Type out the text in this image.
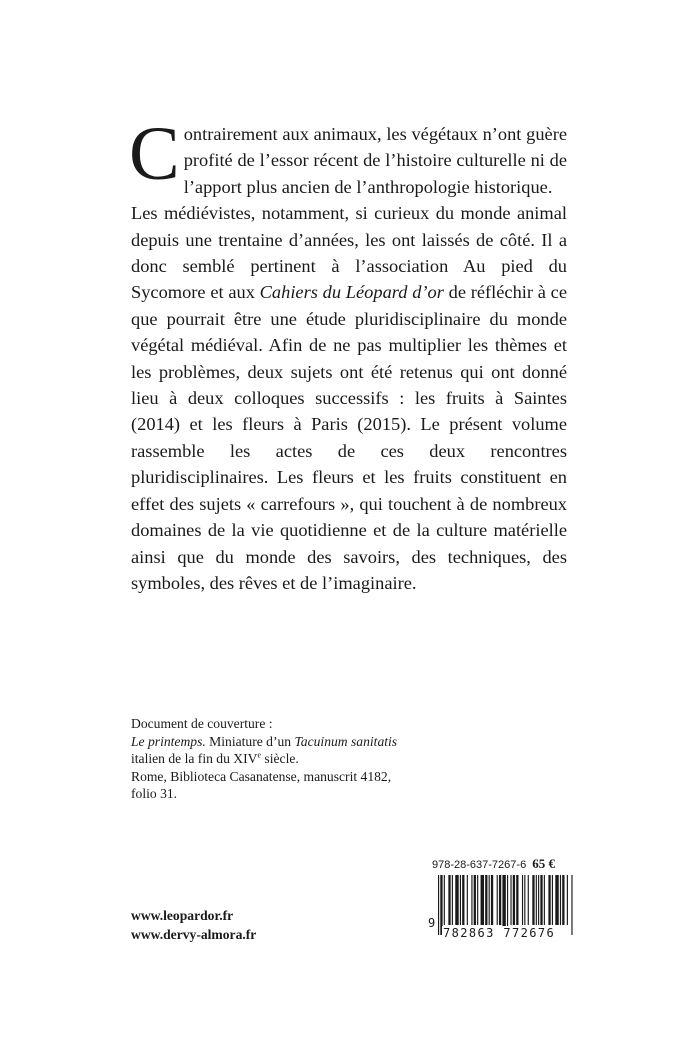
Contrairement aux animaux, les végétaux n’ont guère profité de l’essor récent de l’histoire culturelle ni de l’apport plus ancien de l’anthropologie historique.

Les médiévistes, notamment, si curieux du monde animal depuis une trentaine d’années, les ont laissés de côté. Il a donc semblé pertinent à l’association Au pied du Sycomore et aux Cahiers du Léopard d’or de réfléchir à ce que pourrait être une étude pluridisciplinaire du monde végétal médiéval. Afin de ne pas multiplier les thèmes et les problèmes, deux sujets ont été retenus qui ont donné lieu à deux colloques successifs : les fruits à Saintes (2014) et les fleurs à Paris (2015). Le présent volume rassemble les actes de ces deux rencontres pluridisciplinaires. Les fleurs et les fruits constituent en effet des sujets « carrefours », qui touchent à de nombreux domaines de la vie quotidienne et de la culture matérielle ainsi que du monde des savoirs, des techniques, des symboles, des rêves et de l’imaginaire.

Document de couverture :
Le printemps. Miniature d’un Tacuinum sanitatis
italien de la fin du XIVe siècle.
Rome, Biblioteca Casanatense, manuscrit 4182,
folio 31.
www.leopardor.fr
www.dervy-almora.fr
978-28-637-7267-6 65 €
9
782863 772676
